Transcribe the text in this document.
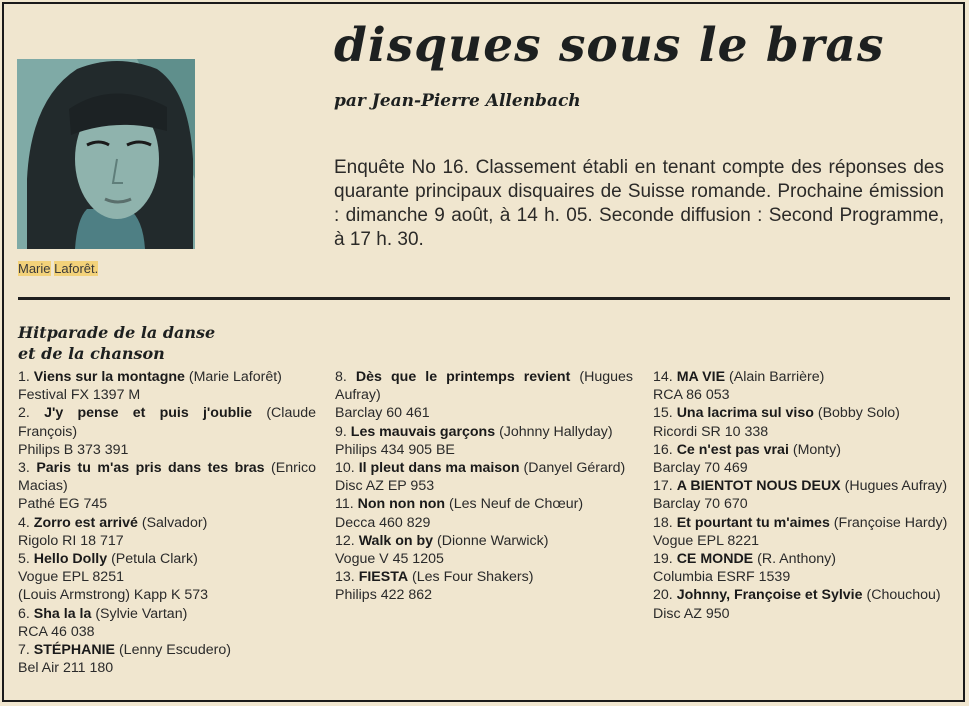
Marie Laforêt.
disques sous le bras

par Jean-Pierre Allenbach

Enquête No 16. Classement établi en tenant compte des réponses des quarante principaux disquaires de Suisse romande. Prochaine émission : dimanche 9 août, à 14 h. 05. Seconde diffusion : Second Programme, à 17 h. 30.

Hitparade de la danse
et de la chanson
1. Viens sur la montagne (Marie Laforêt)
Festival FX 1397 M
2. J'y pense et puis j'oublie (Claude François)
Philips B 373 391
3. Paris tu m'as pris dans tes bras (Enrico Macias)
Pathé EG 745
4. Zorro est arrivé (Salvador)
Rigolo RI 18 717
5. Hello Dolly (Petula Clark)
Vogue EPL 8251
(Louis Armstrong) Kapp K 573
6. Sha la la (Sylvie Vartan)
RCA 46 038
7. STÉPHANIE (Lenny Escudero)
Bel Air 211 180
8. Dès que le printemps revient (Hugues Aufray)
Barclay 60 461
9. Les mauvais garçons (Johnny Hallyday)
Philips 434 905 BE
10. Il pleut dans ma maison (Danyel Gérard)
Disc AZ EP 953
11. Non non non (Les Neuf de Chœur)
Decca 460 829
12. Walk on by (Dionne Warwick)
Vogue V 45 1205
13. FIESTA (Les Four Shakers)
Philips 422 862
14. MA VIE (Alain Barrière)
RCA 86 053
15. Una lacrima sul viso (Bobby Solo)
Ricordi SR 10 338
16. Ce n'est pas vrai (Monty)
Barclay 70 469
17. A BIENTOT NOUS DEUX (Hugues Aufray)
Barclay 70 670
18. Et pourtant tu m'aimes (Françoise Hardy)
Vogue EPL 8221
19. CE MONDE (R. Anthony)
Columbia ESRF 1539
20. Johnny, Françoise et Sylvie (Chouchou)
Disc AZ 950
